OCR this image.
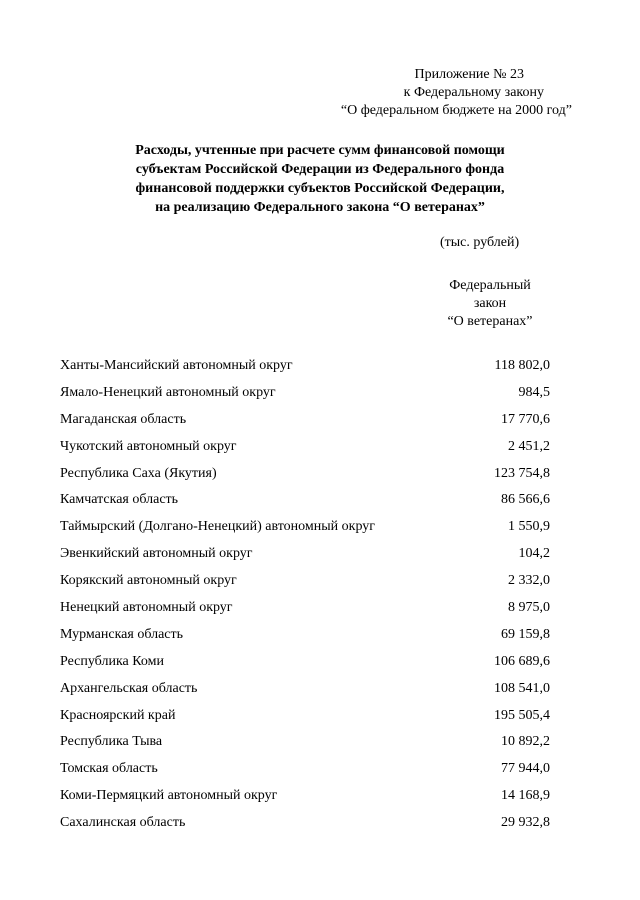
Приложение № 23
к Федеральному закону
“О федеральном бюджете на 2000 год”
Расходы, учтенные при расчете сумм финансовой помощи
субъектам Российской Федерации из Федерального фонда
финансовой поддержки субъектов Российской Федерации,
на реализацию Федерального закона “О ветеранах”
(тыс. рублей)
Федеральный
закон
“О ветеранах”
Ханты-Мансийский автономный округ	118 802,0
Ямало-Ненецкий автономный округ	984,5
Магаданская область	17 770,6
Чукотский автономный округ	2 451,2
Республика Саха (Якутия)	123 754,8
Камчатская область	86 566,6
Таймырский (Долгано-Ненецкий) автономный округ	1 550,9
Эвенкийский автономный округ	104,2
Корякский автономный округ	2 332,0
Ненецкий автономный округ	8 975,0
Мурманская область	69 159,8
Республика Коми	106 689,6
Архангельская область	108 541,0
Красноярский край	195 505,4
Республика Тыва	10 892,2
Томская область	77 944,0
Коми-Пермяцкий автономный округ	14 168,9
Сахалинская область	29 932,8
